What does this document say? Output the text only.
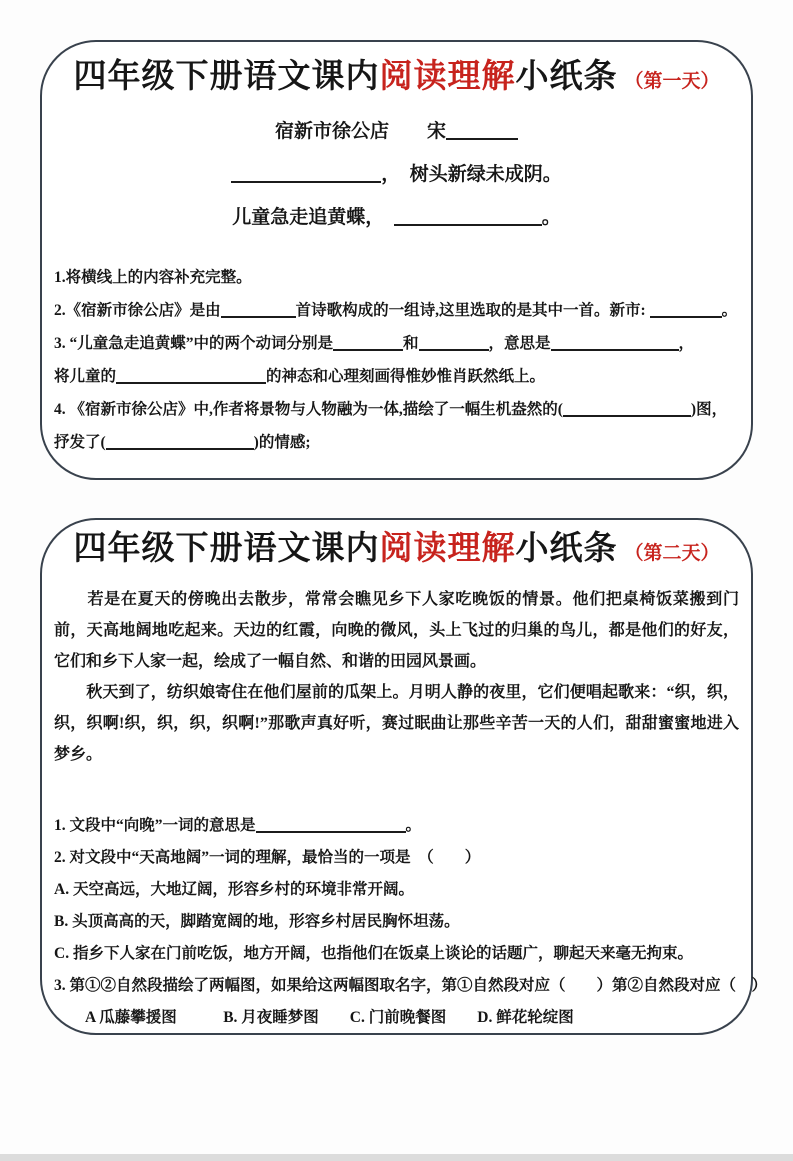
四年级下册语文课内阅读理解小纸条 （第一天）
宿新市徐公店　　宋
，　树头新绿未成阴。
儿童急走追黄蝶，　	。
1.将横线上的内容补充完整。
2.《宿新市徐公店》是由	首诗歌构成的一组诗,这里选取的是其中一首。新市:	。
3. “儿童急走追黄蝶”中的两个动词分别是	和	，意思是	，
将儿童的	的神态和心理刻画得惟妙惟肖跃然纸上。
4. 《宿新市徐公店》中,作者将景物与人物融为一体,描绘了一幅生机盎然的(	)图，
抒发了(	)的情感;
四年级下册语文课内阅读理解小纸条 （第二天）
　　若是在夏天的傍晚出去散步，常常会瞧见乡下人家吃晚饭的情景。他们把桌椅饭菜搬到门
前，天高地阔地吃起来。天边的红霞，向晚的微风，头上飞过的归巢的鸟儿，都是他们的好友，
它们和乡下人家一起，绘成了一幅自然、和谐的田园风景画。
　　秋天到了，纺织娘寄住在他们屋前的瓜架上。月明人静的夜里，它们便唱起歌来：“织，织，
织，织啊!织，织，织，织啊!”那歌声真好听，赛过眠曲让那些辛苦一天的人们，甜甜蜜蜜地进入
梦乡。
1. 文段中“向晚”一词的意思是	。
2. 对文段中“天高地阔”一词的理解，最恰当的一项是　（　　）
A. 天空高远，大地辽阔，形容乡村的环境非常开阔。
B. 头顶高高的天，脚踏宽阔的地，形容乡村居民胸怀坦荡。
C. 指乡下人家在门前吃饭，地方开阔，也指他们在饭桌上谈论的话题广，聊起天来毫无拘束。
3. 第①②自然段描绘了两幅图，如果给这两幅图取名字，第①自然段对应（　　）第②自然段对应（　）
　　A 瓜藤攀援图　　　B. 月夜睡梦图　　C. 门前晚餐图　　D. 鲜花轮绽图
